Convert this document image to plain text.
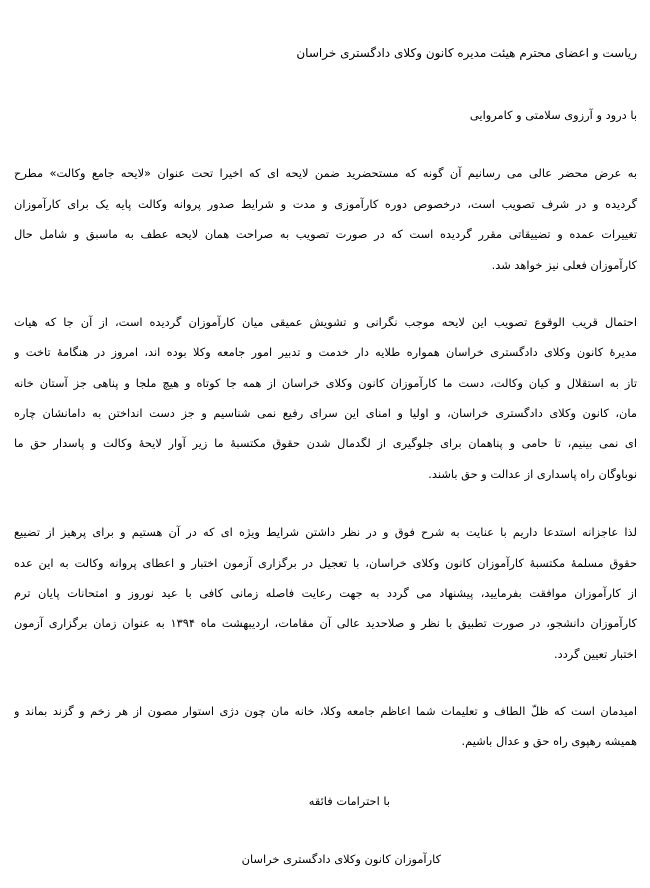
ریاست و اعضای محترم هیئت مدیره کانون وکلای دادگستری خراسان
با درود و آرزوی سلامتی و کامروایی
به عرض محضر عالی می رسانیم آن گونه که مستحضرید ضمن لایحه ای که اخیرا تحت عنوان «لایحه جامع وکالت» مطرح
گردیده و در شرف تصویب است، درخصوص دوره کارآموزی و مدت و شرایط صدور پروانه وکالت پایه یک برای کارآموزان
تغییرات عمده و تضییقاتی مقرر گردیده است که در صورت تصویب به صراحت همان لایحه عطف به ماسبق و شامل حال
کارآموزان فعلی نیز خواهد شد.
احتمال قریب الوقوع تصویب این لایحه موجب نگرانی و تشویش عمیقی میان کارآموزان گردیده است، از آن جا که هیات
مدیرهٔ کانون وکلای دادگستری خراسان همواره طلایه دار خدمت و تدبیر امور جامعه وکلا بوده اند، امروز در هنگامهٔ تاخت و
تاز به استقلال و کیان وکالت، دست ما کارآموزان کانون وکلای خراسان از همه جا کوتاه و هیچ ملجا و پناهی جز آستان خانه
مان، کانون وکلای دادگستری خراسان، و اولیا و امنای این سرای رفیع نمی شناسیم و جز دست انداختن به دامانشان چاره
ای نمی بینیم، تا حامی و پناهمان برای جلوگیری از لگدمال شدن حقوق مکتسبهٔ ما زیر آوار لایحهٔ وکالت و پاسدار حق ما
نوباوگان راه پاسداری از عدالت و حق باشند.
لذا عاجزانه استدعا داریم با عنایت به شرح فوق و در نظر داشتن شرایط ویژه ای که در آن هستیم و برای پرهیز از تضییع
حقوق مسلمهٔ مکتسبهٔ کارآموزان کانون وکلای خراسان، با تعجیل در برگزاری آزمون اختبار و اعطای پروانه وکالت به این عده
از کارآموزان موافقت بفرمایید، پیشنهاد می گردد به جهت رعایت فاصله زمانی کافی با عید نوروز و امتحانات پایان ترم
کارآموزان دانشجو، در صورت تطبیق با نظر و صلاحدید عالی آن مقامات، اردیبهشت ماه ۱۳۹۴ به عنوان زمان برگزاری آزمون
اختبار تعیین گردد.
امیدمان است که ظلّ الطاف و تعلیمات شما اعاظم جامعه وکلا، خانه مان چون دژی استوار مصون از هر زخم و گزند بماند و
همیشه رهپوی راه حق و عدال باشیم.
با احترامات فائقه
کارآموزان کانون وکلای دادگستری خراسان
